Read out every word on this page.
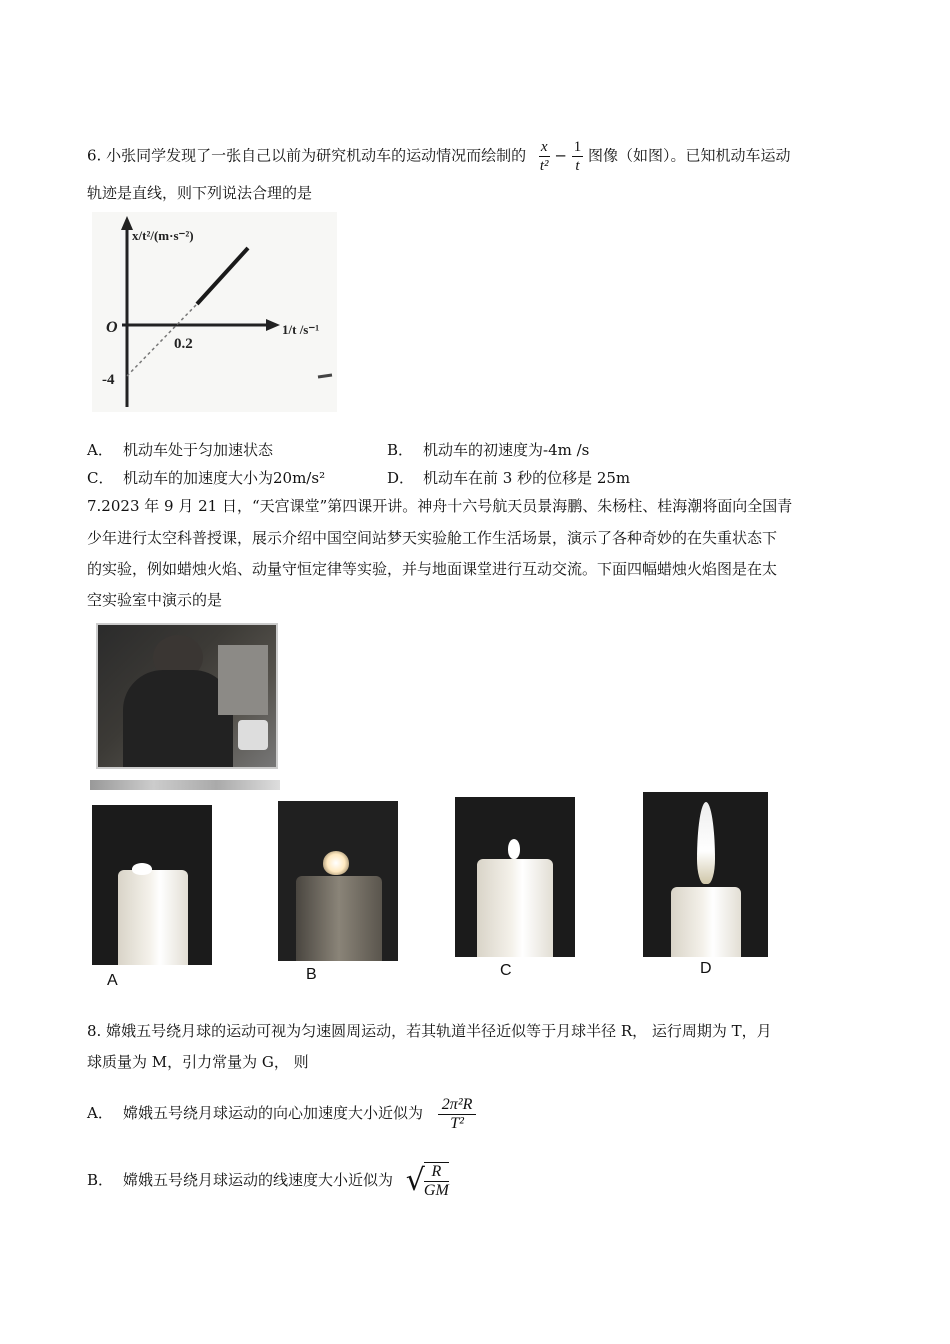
6. 小张同学发现了一张自己以前为研究机动车的运动情况而绘制的 $\frac{x}{\text{t²}} - \frac{1}{t}$ 图像（如图）。已知机动车运动
轨迹是直线，则下列说法合理的是
O
0.2
-4
x/t²/(m·s⁻²)
1/t /s⁻¹
A． 机动车处于匀加速状态	B． 机动车的初速度为-4m /s
C． 机动车的加速度大小为20m/s²	D． 机动车在前 3 秒的位移是 25m
7.2023 年 9 月 21 日，“天宫课堂”第四课开讲。神舟十六号航天员景海鹏、朱杨柱、桂海潮将面向全国青
少年进行太空科普授课，展示介绍中国空间站梦天实验舱工作生活场景，演示了各种奇妙的在失重状态下
的实验，例如蜡烛火焰、动量守恒定律等实验，并与地面课堂进行互动交流。下面四幅蜡烛火焰图是在太
空实验室中演示的是
A	B	C	D
8. 嫦娥五号绕月球的运动可视为匀速圆周运动，若其轨道半径近似等于月球半径 R， 运行周期为 T，月
球质量为 M，引力常量为 G， 则
A． 嫦娥五号绕月球运动的向心加速度大小近似为 $\frac{\text{2π²R}}{\text{T²}}$
B． 嫦娥五号绕月球运动的线速度大小近似为 √ $\frac{R}{GM}$
